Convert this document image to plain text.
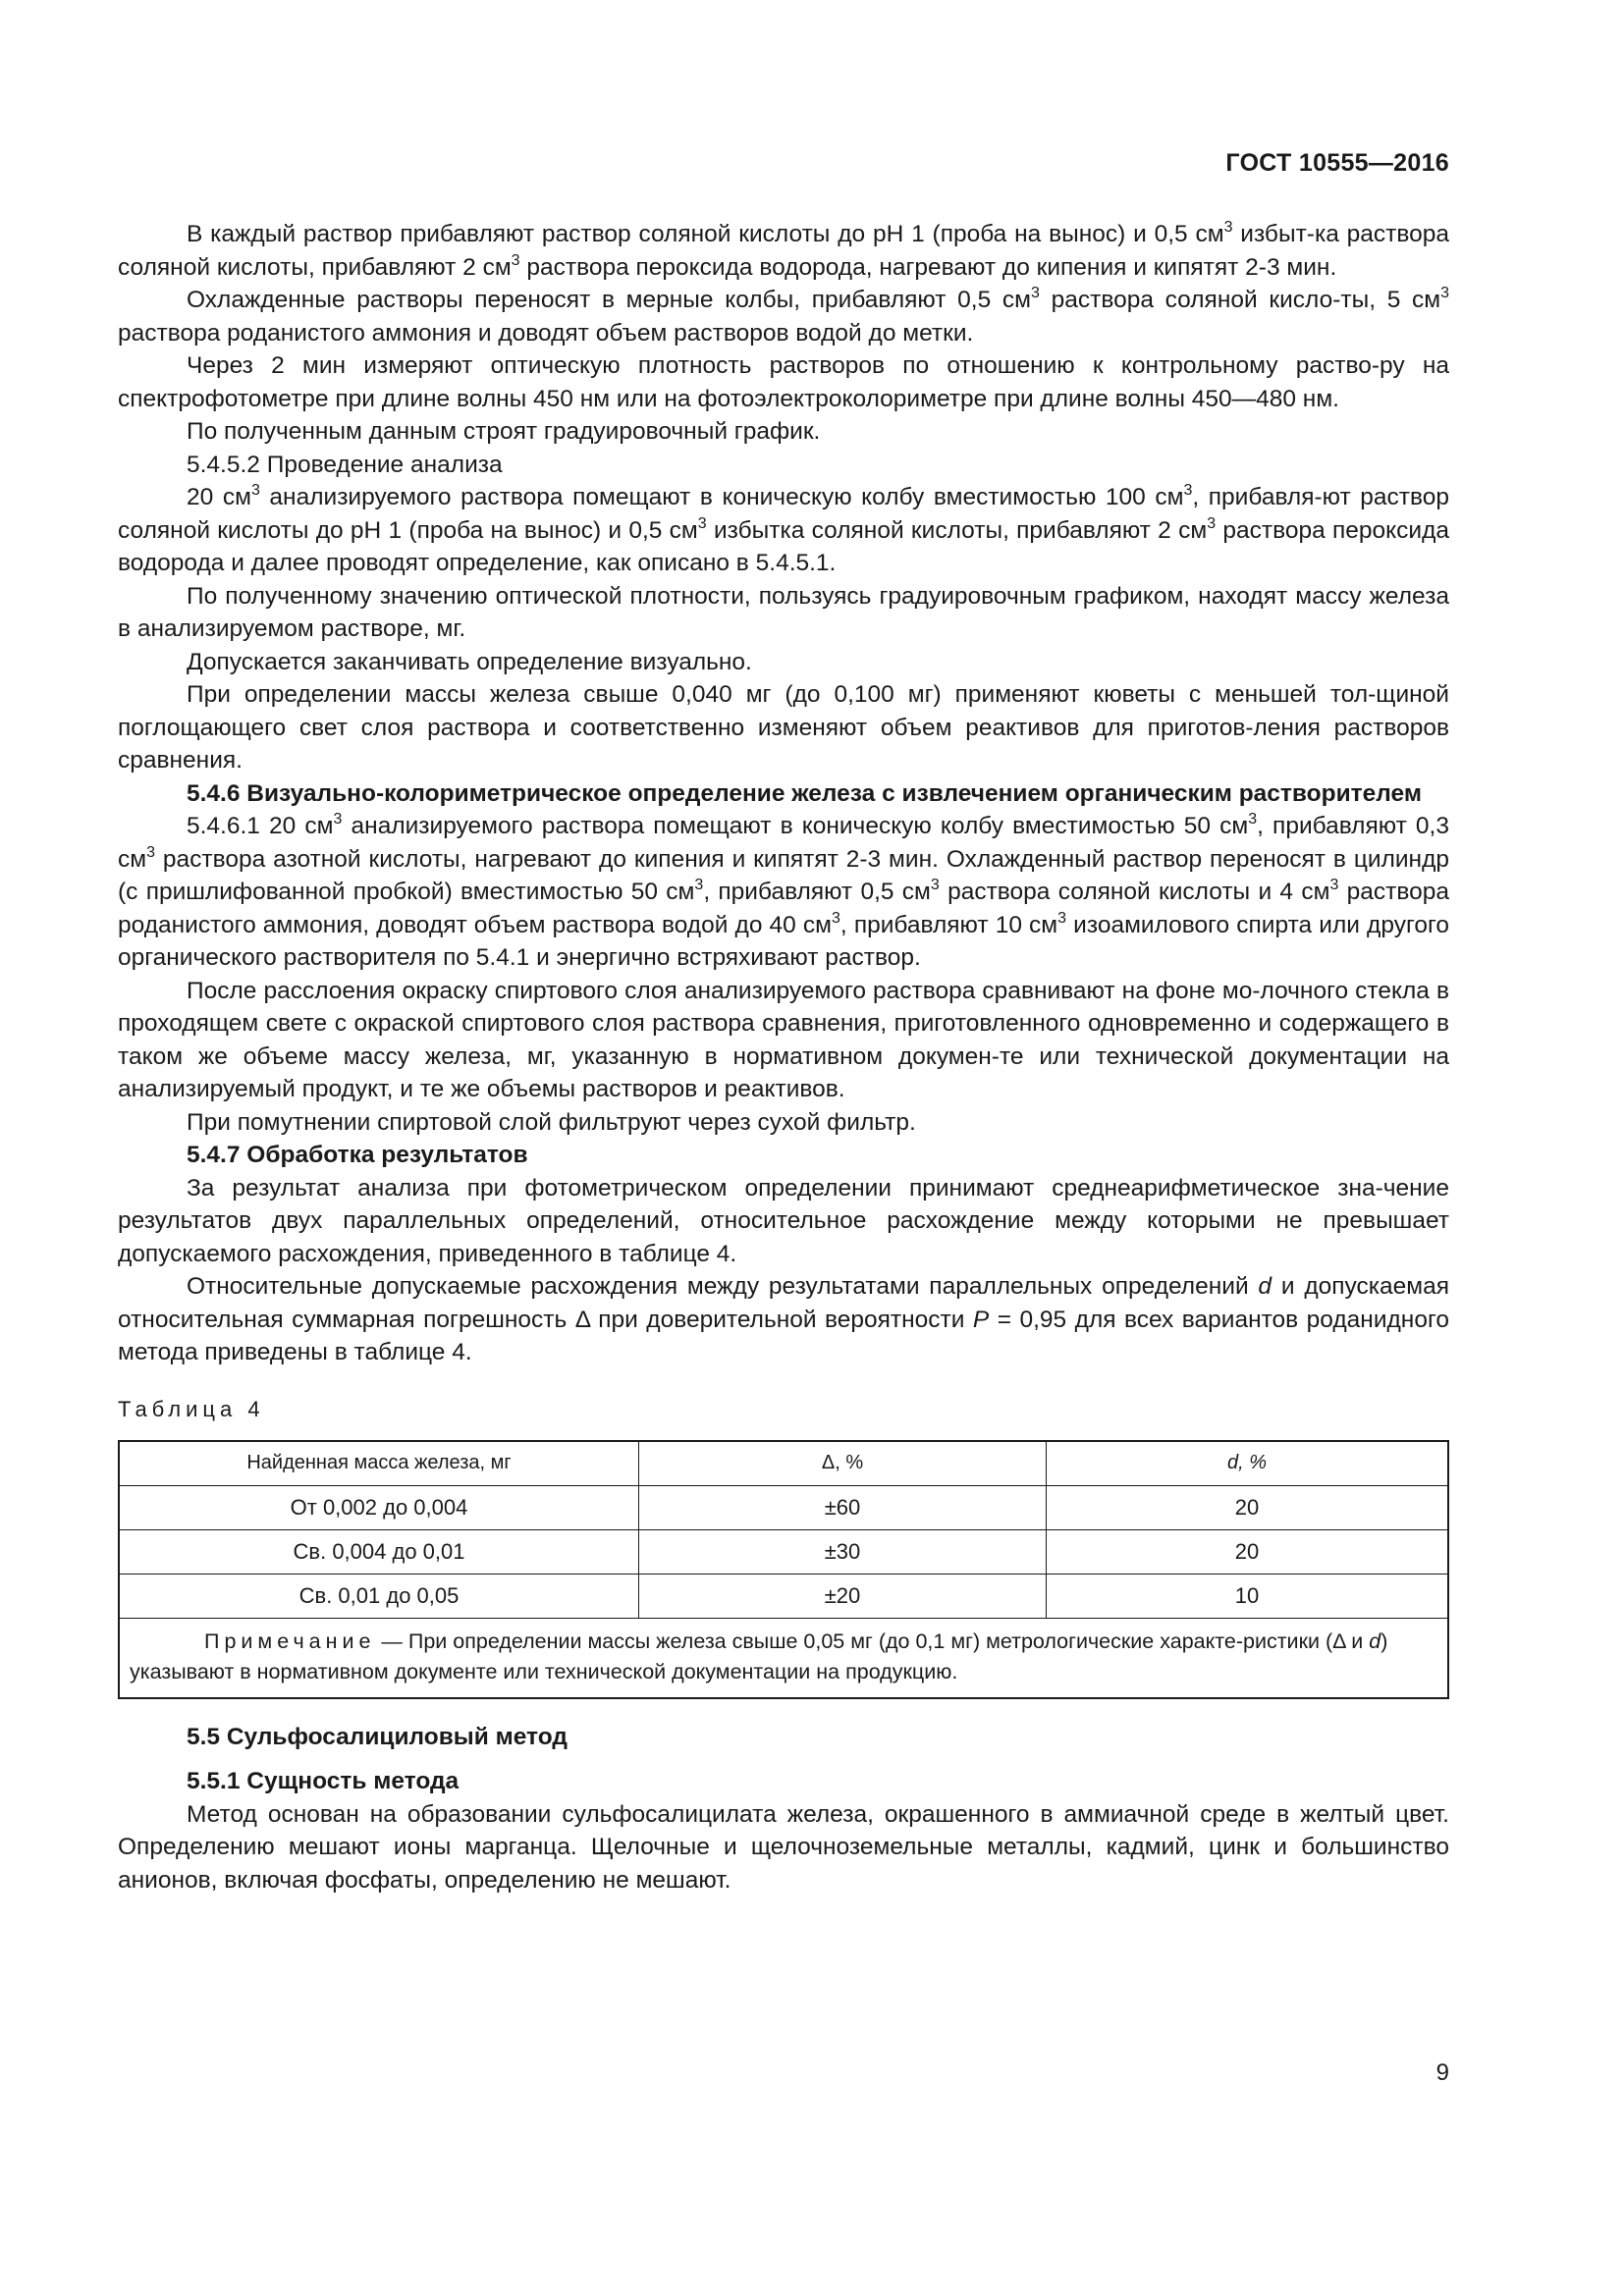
ГОСТ 10555—2016

В каждый раствор прибавляют раствор соляной кислоты до рН 1 (проба на вынос) и 0,5 $см^3$ избыт-ка раствора соляной кислоты, прибавляют 2 $см^3$ раствора пероксида водорода, нагревают до кипения и кипятят 2-3 мин.

Охлажденные растворы переносят в мерные колбы, прибавляют 0,5 $см^3$ раствора соляной кисло-ты, 5 $см^3$ раствора роданистого аммония и доводят объем растворов водой до метки.

Через 2 мин измеряют оптическую плотность растворов по отношению к контрольному раство-ру на спектрофотометре при длине волны 450 нм или на фотоэлектроколориметре при длине волны 450—480 нм.

По полученным данным строят градуировочный график.

5.4.5.2 Проведение анализа

20 $см^3$ анализируемого раствора помещают в коническую колбу вместимостью 100 $см^3$, прибавля-ют раствор соляной кислоты до рН 1 (проба на вынос) и 0,5 $см^3$ избытка соляной кислоты, прибавляют 2 $см^3$ раствора пероксида водорода и далее проводят определение, как описано в 5.4.5.1.

По полученному значению оптической плотности, пользуясь градуировочным графиком, находят массу железа в анализируемом растворе, мг.

Допускается заканчивать определение визуально.

При определении массы железа свыше 0,040 мг (до 0,100 мг) применяют кюветы с меньшей тол-щиной поглощающего свет слоя раствора и соответственно изменяют объем реактивов для приготов-ления растворов сравнения.

5.4.6 Визуально-колориметрическое определение железа с извлечением органическим растворителем

5.4.6.1 20 $см^3$ анализируемого раствора помещают в коническую колбу вместимостью 50 $см^3$, прибавляют 0,3 $см^3$ раствора азотной кислоты, нагревают до кипения и кипятят 2-3 мин. Охлажденный раствор переносят в цилиндр (с пришлифованной пробкой) вместимостью 50 $см^3$, прибавляют 0,5 $см^3$ раствора соляной кислоты и 4 $см^3$ раствора роданистого аммония, доводят объем раствора водой до 40 $см^3$, прибавляют 10 $см^3$ изоамилового спирта или другого органического растворителя по 5.4.1 и энергично встряхивают раствор.

После расслоения окраску спиртового слоя анализируемого раствора сравнивают на фоне мо-лочного стекла в проходящем свете с окраской спиртового слоя раствора сравнения, приготовленного одновременно и содержащего в таком же объеме массу железа, мг, указанную в нормативном докумен-те или технической документации на анализируемый продукт, и те же объемы растворов и реактивов.

При помутнении спиртовой слой фильтруют через сухой фильтр.

5.4.7 Обработка результатов

За результат анализа при фотометрическом определении принимают среднеарифметическое зна-чение результатов двух параллельных определений, относительное расхождение между которыми не превышает допускаемого расхождения, приведенного в таблице 4.

Относительные допускаемые расхождения между результатами параллельных определений d и допускаемая относительная суммарная погрешность Δ при доверительной вероятности P = 0,95 для всех вариантов роданидного метода приведены в таблице 4.

Таблица 4
Найденная масса железа, мг	Δ, %	d, %
От 0,002 до 0,004	±60	20
Св. 0,004 до 0,01	±30	20
Св. 0,01 до 0,05	±20	10
Примечание — При определении массы железа свыше 0,05 мг (до 0,1 мг) метрологические характе-ристики (Δ и d) указывают в нормативном документе или технической документации на продукцию.		

5.5 Сульфосалициловый метод

5.5.1 Сущность метода

Метод основан на образовании сульфосалицилата железа, окрашенного в аммиачной среде в желтый цвет. Определению мешают ионы марганца. Щелочные и щелочноземельные металлы, кадмий, цинк и большинство анионов, включая фосфаты, определению не мешают.

9
